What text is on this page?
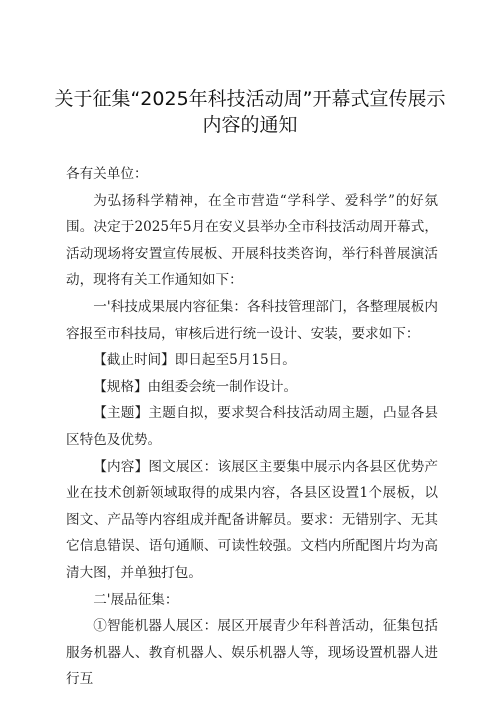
关于征集“2025年科技活动周”开幕式宣传展示
内容的通知

各有关单位：

为弘扬科学精神，在全市营造“学科学、爱科学”的好氛围。决定于2025年5月在安义县举办全市科技活动周开幕式，活动现场将安置宣传展板、开展科技类咨询，举行科普展演活动，现将有关工作通知如下：

一'科技成果展内容征集：各科技管理部门，各整理展板内容报至市科技局，审核后进行统一设计、安装，要求如下：

【截止时间】即日起至5月15日。

【规格】由组委会统一制作设计。

【主题】主题自拟，要求契合科技活动周主题，凸显各县区特色及优势。

【内容】图文展区：该展区主要集中展示内各县区优势产业在技术创新领域取得的成果内容，各县区设置1个展板，以图文、产品等内容组成并配备讲解员。要求：无错别字、无其它信息错误、语句通顺、可读性较强。文档内所配图片均为高清大图，并单独打包。

二'展品征集：

①智能机器人展区：展区开展青少年科普活动，征集包括服务机器人、教育机器人、娱乐机器人等，现场设置机器人进行互
